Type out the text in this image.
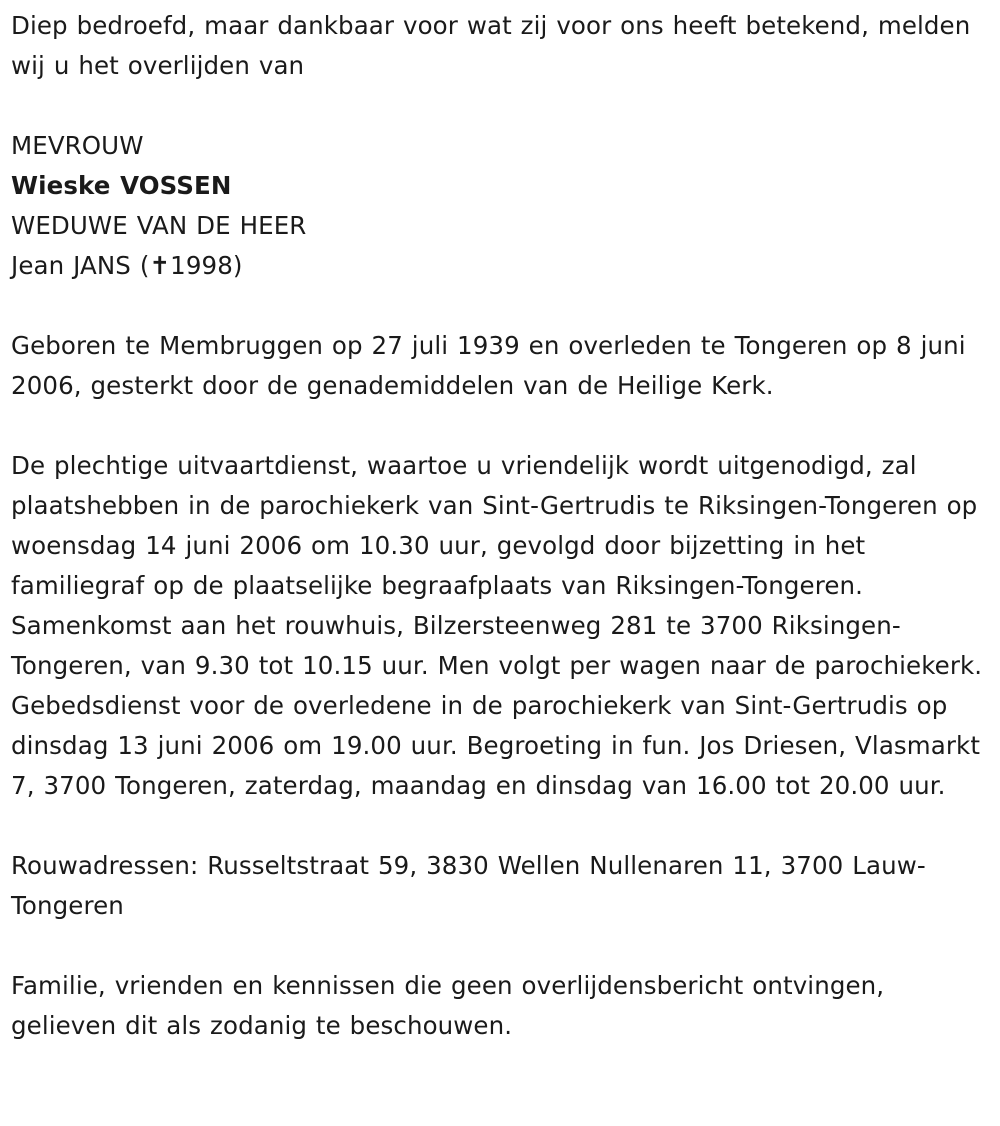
Diep bedroefd, maar dankbaar voor wat zij voor ons heeft betekend, melden wij u het overlijden van

MEVROUW
Wieske VOSSEN
WEDUWE VAN DE HEER
Jean JANS (✝1998)

Geboren te Membruggen op 27 juli 1939 en overleden te Tongeren op 8 juni 2006, gesterkt door de genademiddelen van de Heilige Kerk.

De plechtige uitvaartdienst, waartoe u vriendelijk wordt uitgenodigd, zal plaatshebben in de parochiekerk van Sint-Gertrudis te Riksingen-Tongeren op woensdag 14 juni 2006 om 10.30 uur, gevolgd door bijzetting in het familiegraf op de plaatselijke begraafplaats van Riksingen-Tongeren. Samenkomst aan het rouwhuis, Bilzersteenweg 281 te 3700 Riksingen-Tongeren, van 9.30 tot 10.15 uur. Men volgt per wagen naar de parochiekerk. Gebedsdienst voor de overledene in de parochiekerk van Sint-Gertrudis op dinsdag 13 juni 2006 om 19.00 uur. Begroeting in fun. Jos Driesen, Vlasmarkt 7, 3700 Tongeren, zaterdag, maandag en dinsdag van 16.00 tot 20.00 uur.

Rouwadressen: Russeltstraat 59, 3830 Wellen Nullenaren 11, 3700 Lauw-Tongeren

Familie, vrienden en kennissen die geen overlijdensbericht ontvingen, gelieven dit als zodanig te beschouwen.
